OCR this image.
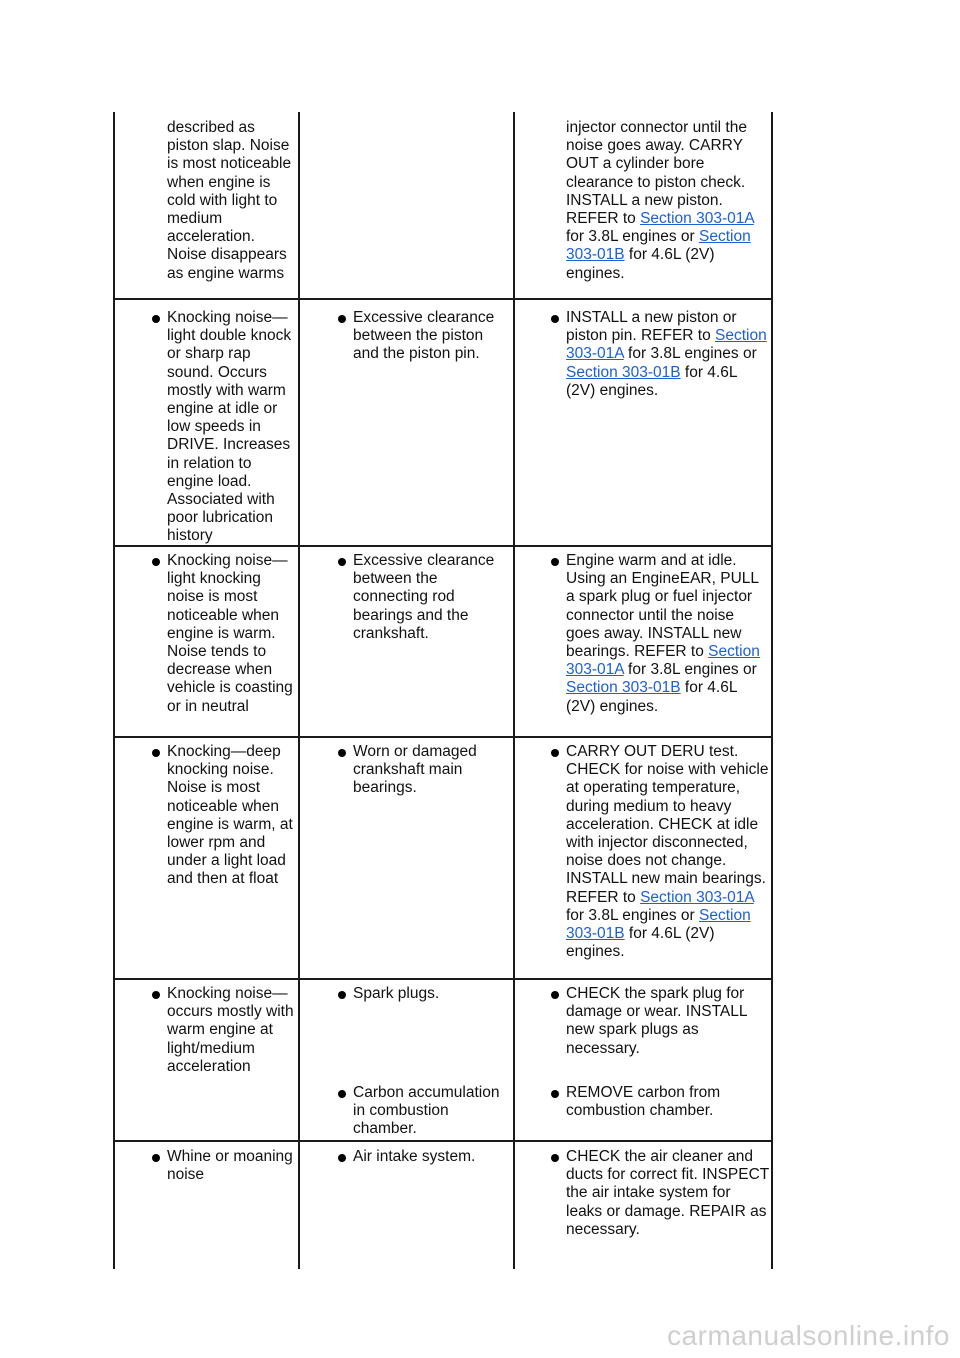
described as piston slap. Noise is most noticeable when engine is cold with light to medium acceleration. Noise disappears as engine warms

injector connector until the noise goes away. CARRY OUT a cylinder bore clearance to piston check. INSTALL a new piston. REFER to Section 303-01A for 3.8L engines or Section 303-01B for 4.6L (2V) engines.

Knocking noise—light double knock or sharp rap sound. Occurs mostly with warm engine at idle or low speeds in DRIVE. Increases in relation to engine load. Associated with poor lubrication history

Excessive clearance between the piston and the piston pin.

INSTALL a new piston or piston pin. REFER to Section 303-01A for 3.8L engines or Section 303-01B for 4.6L (2V) engines.

Knocking noise—light knocking noise is most noticeable when engine is warm. Noise tends to decrease when vehicle is coasting or in neutral

Excessive clearance between the connecting rod bearings and the crankshaft.

Engine warm and at idle. Using an EngineEAR, PULL a spark plug or fuel injector connector until the noise goes away. INSTALL new bearings. REFER to Section 303-01A for 3.8L engines or Section 303-01B for 4.6L (2V) engines.

Knocking—deep knocking noise. Noise is most noticeable when engine is warm, at lower rpm and under a light load and then at float

Worn or damaged crankshaft main bearings.

CARRY OUT DERU test. CHECK for noise with vehicle at operating temperature, during medium to heavy acceleration. CHECK at idle with injector disconnected, noise does not change. INSTALL new main bearings. REFER to Section 303-01A for 3.8L engines or Section 303-01B for 4.6L (2V) engines.

Knocking noise—occurs mostly with warm engine at light/medium acceleration

Spark plugs.	CHECK the spark plug for damage or wear. INSTALL new spark plugs as necessary.

Carbon accumulation in combustion chamber.

REMOVE carbon from combustion chamber.

Whine or moaning noise

Air intake system.	CHECK the air cleaner and ducts for correct fit. INSPECT the air intake system for leaks or damage. REPAIR as necessary.

carmanualsonline.info
